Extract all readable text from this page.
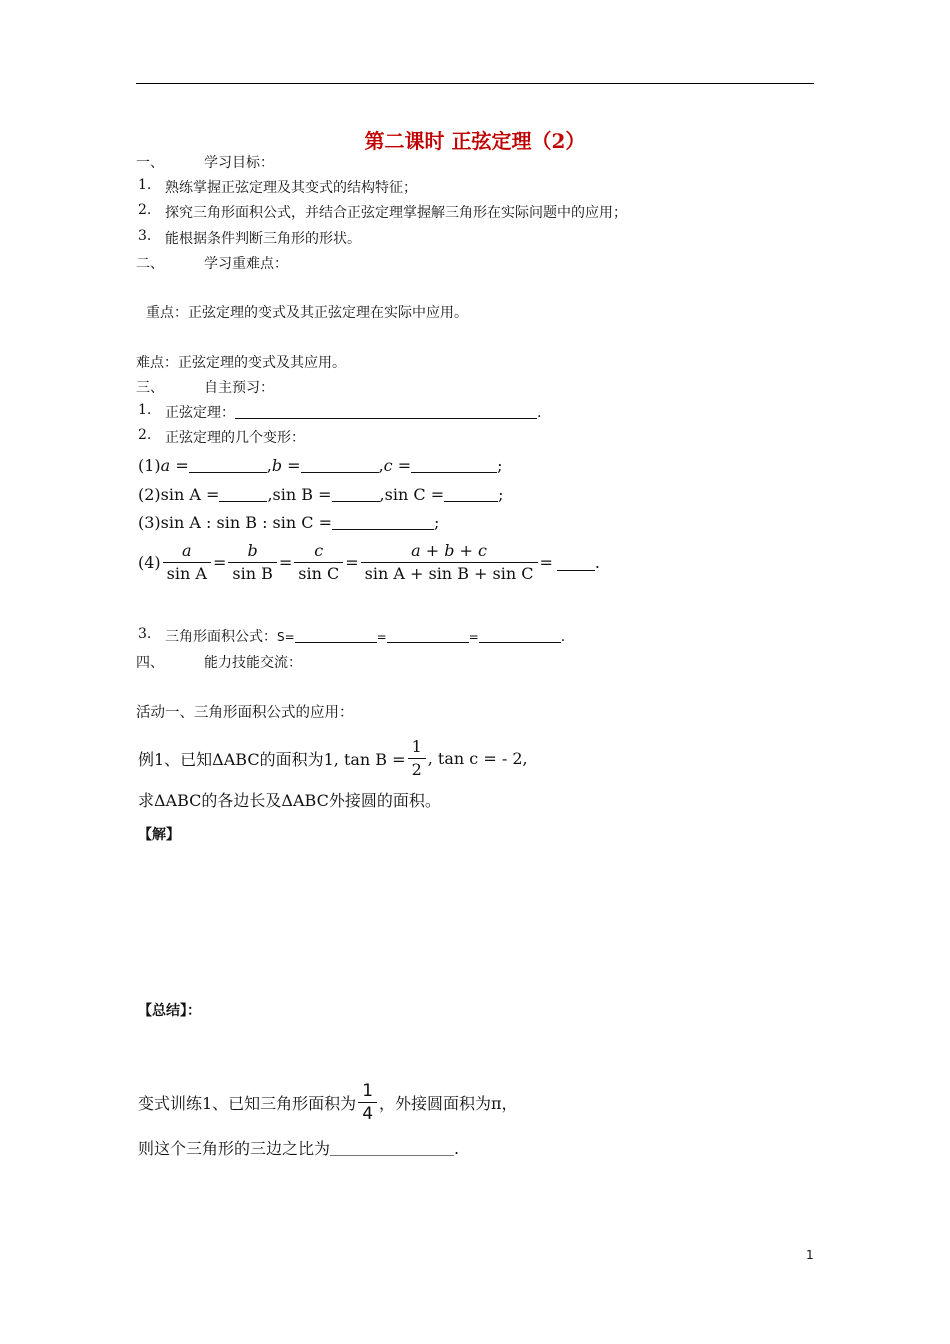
第二课时 正弦定理（2）
一、	学习目标：
1. 熟练掌握正弦定理及其变式的结构特征；
2. 探究三角形面积公式，并结合正弦定理掌握解三角形在实际问题中的应用；
3. 能根据条件判断三角形的形状。
二、	学习重难点：
重点：正弦定理的变式及其正弦定理在实际中应用。
难点：正弦定理的变式及其应用。
三、	自主预习：
1. 正弦定理：	.
2. 正弦定理的几个变形：
(1)a =	,b =	,c =	;
(2)sin A =	,sin B =	,sin C =	;
(3)sin A : sin B : sin C =	;
$(4) \frac{a}{\text{sin A}} = \frac{b}{\text{sin B}} = \frac{c}{\text{sin C}} = \frac{a + b + c}{\text{sin A + sin B + sin C}}$ =	.
3. 三角形面积公式：S=	=	=	.
四、	能力技能交流：
活动一、三角形面积公式的应用：
例1、已知ΔABC的面积为1, $\tan B = \frac{1}{2}$ , tan c = - 2,
求ΔABC的各边长及ΔABC外接圆的面积。
【解】
【总结】：
变式训练1、已知三角形面积为 $\frac{1}{4}$ ，外接圆面积为π，
则这个三角形的三边之比为	.
1
